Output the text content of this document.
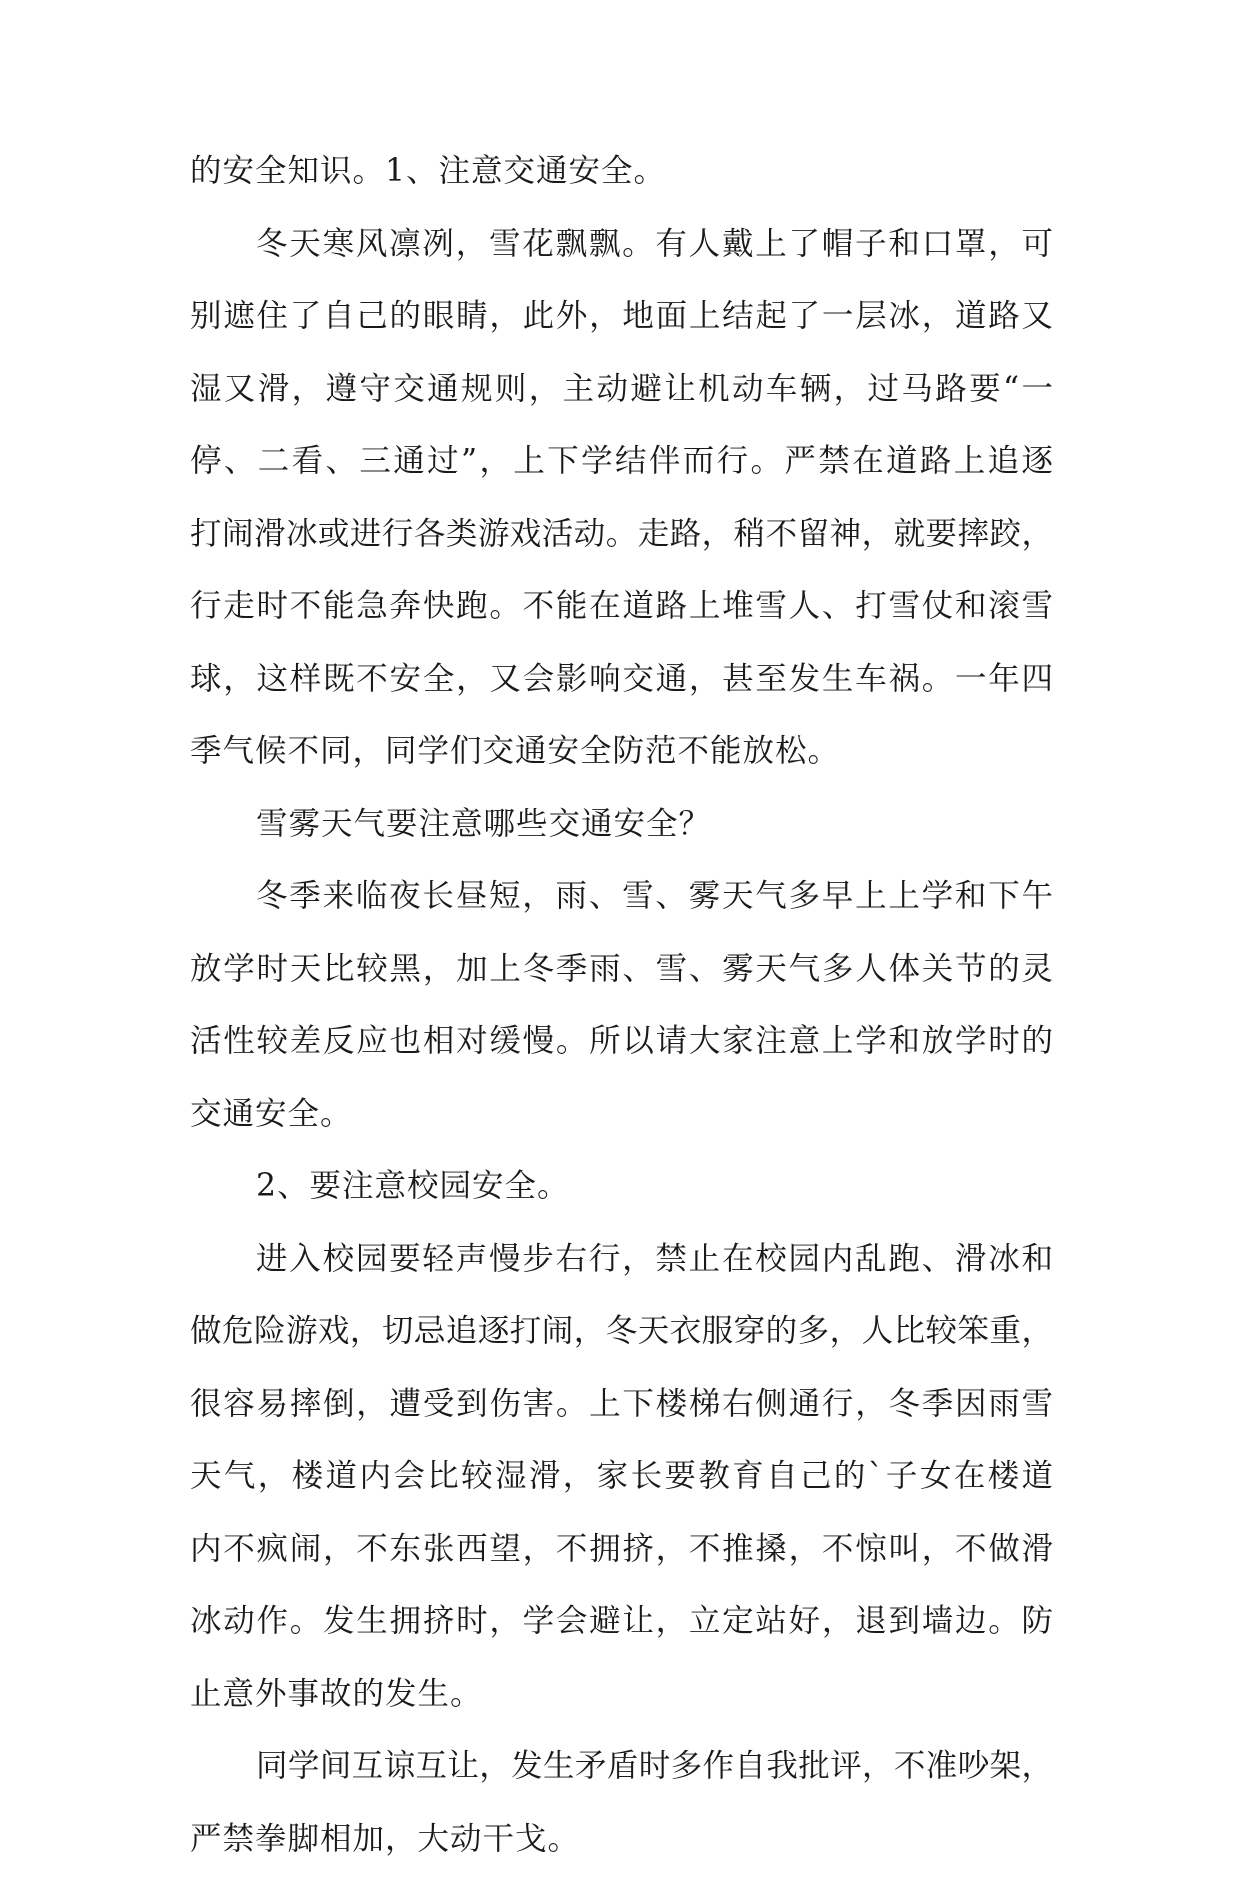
的安全知识。1、注意交通安全。
冬天寒风凛冽，雪花飘飘。有人戴上了帽子和口罩，可
别遮住了自己的眼睛，此外，地面上结起了一层冰，道路又
湿又滑，遵守交通规则，主动避让机动车辆，过马路要“一
停、二看、三通过”，上下学结伴而行。严禁在道路上追逐
打闹滑冰或进行各类游戏活动。走路，稍不留神，就要摔跤，
行走时不能急奔快跑。不能在道路上堆雪人、打雪仗和滚雪
球，这样既不安全，又会影响交通，甚至发生车祸。一年四
季气候不同，同学们交通安全防范不能放松。
雪雾天气要注意哪些交通安全？
冬季来临夜长昼短，雨、雪、雾天气多早上上学和下午
放学时天比较黑，加上冬季雨、雪、雾天气多人体关节的灵
活性较差反应也相对缓慢。所以请大家注意上学和放学时的
交通安全。
2、要注意校园安全。
进入校园要轻声慢步右行，禁止在校园内乱跑、滑冰和
做危险游戏，切忌追逐打闹，冬天衣服穿的多，人比较笨重，
很容易摔倒，遭受到伤害。上下楼梯右侧通行，冬季因雨雪
天气，楼道内会比较湿滑，家长要教育自己的`子女在楼道
内不疯闹，不东张西望，不拥挤，不推搡，不惊叫，不做滑
冰动作。发生拥挤时，学会避让，立定站好，退到墙边。防
止意外事故的发生。
同学间互谅互让，发生矛盾时多作自我批评，不准吵架，
严禁拳脚相加，大动干戈。
